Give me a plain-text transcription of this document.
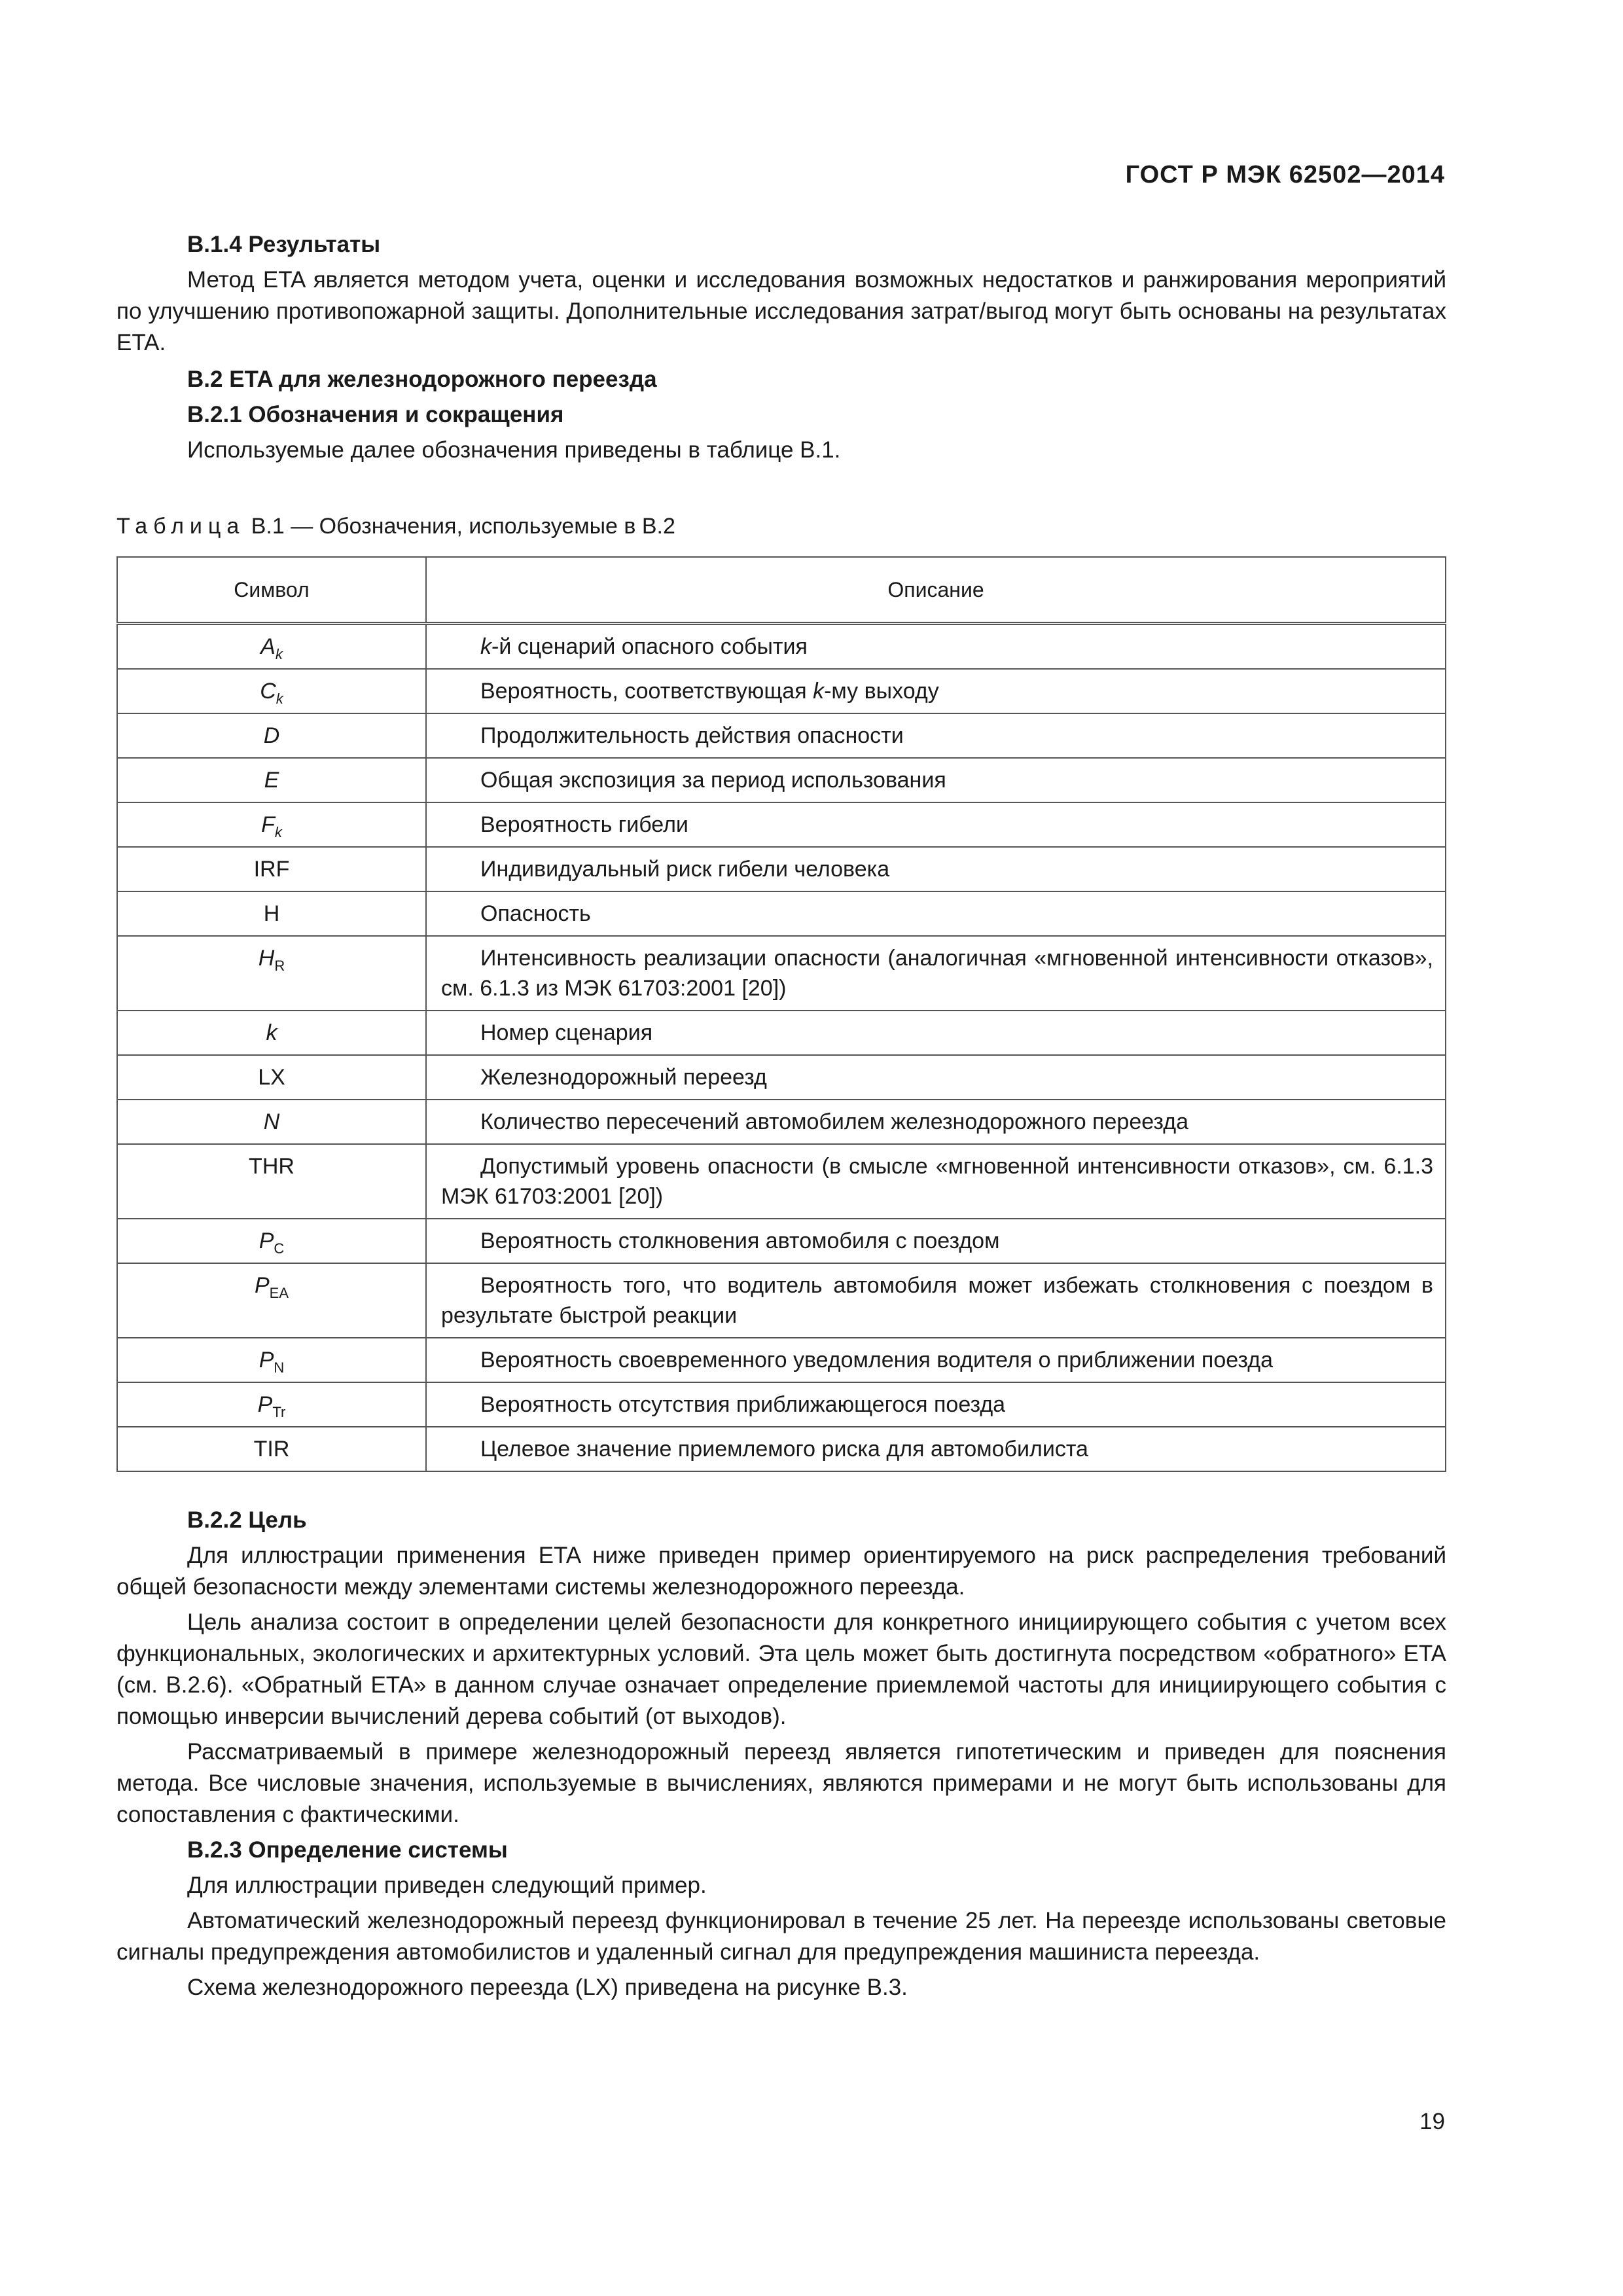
ГОСТ Р МЭК 62502—2014
В.1.4 Результаты

Метод ETA является методом учета, оценки и исследования возможных недостатков и ранжирования мероприятий по улучшению противопожарной защиты. Дополнительные исследования затрат/выгод могут быть основаны на результатах ETA.

В.2 ETA для железнодорожного переезда
В.2.1 Обозначения и сокращения

Используемые далее обозначения приведены в таблице В.1.

Таблица В.1 — Обозначения, используемые в В.2
Символ	Описание
$A_k$	k-й сценарий опасного события
$C_k$	Вероятность, соответствующая k-му выходу
D	Продолжительность действия опасности
E	Общая экспозиция за период использования
$F_k$	Вероятность гибели
IRF	Индивидуальный риск гибели человека
H	Опасность
$H_R$	Интенсивность реализации опасности (аналогичная «мгновенной интенсивности отказов», см. 6.1.3 из МЭК 61703:2001 [20])
k	Номер сценария
LX	Железнодорожный переезд
N	Количество пересечений автомобилем железнодорожного переезда
THR	Допустимый уровень опасности (в смысле «мгновенной интенсивности отказов», см. 6.1.3 МЭК 61703:2001 [20])
$P_C$	Вероятность столкновения автомобиля с поездом
$P_{EA}$	Вероятность того, что водитель автомобиля может избежать столкновения с поездом в результате быстрой реакции
$P_N$	Вероятность своевременного уведомления водителя о приближении поезда
$P_{Tr}$	Вероятность отсутствия приближающегося поезда
TIR	Целевое значение приемлемого риска для автомобилиста
В.2.2 Цель

Для иллюстрации применения ETA ниже приведен пример ориентируемого на риск распределения требований общей безопасности между элементами системы железнодорожного переезда.

Цель анализа состоит в определении целей безопасности для конкретного инициирующего события с учетом всех функциональных, экологических и архитектурных условий. Эта цель может быть достигнута посредством «обратного» ETA (см. В.2.6). «Обратный ETA» в данном случае означает определение приемлемой частоты для инициирующего события с помощью инверсии вычислений дерева событий (от выходов).

Рассматриваемый в примере железнодорожный переезд является гипотетическим и приведен для пояснения метода. Все числовые значения, используемые в вычислениях, являются примерами и не могут быть использованы для сопоставления с фактическими.

В.2.3 Определение системы

Для иллюстрации приведен следующий пример.

Автоматический железнодорожный переезд функционировал в течение 25 лет. На переезде использованы световые сигналы предупреждения автомобилистов и удаленный сигнал для предупреждения машиниста переезда.

Схема железнодорожного переезда (LX) приведена на рисунке В.3.

19
